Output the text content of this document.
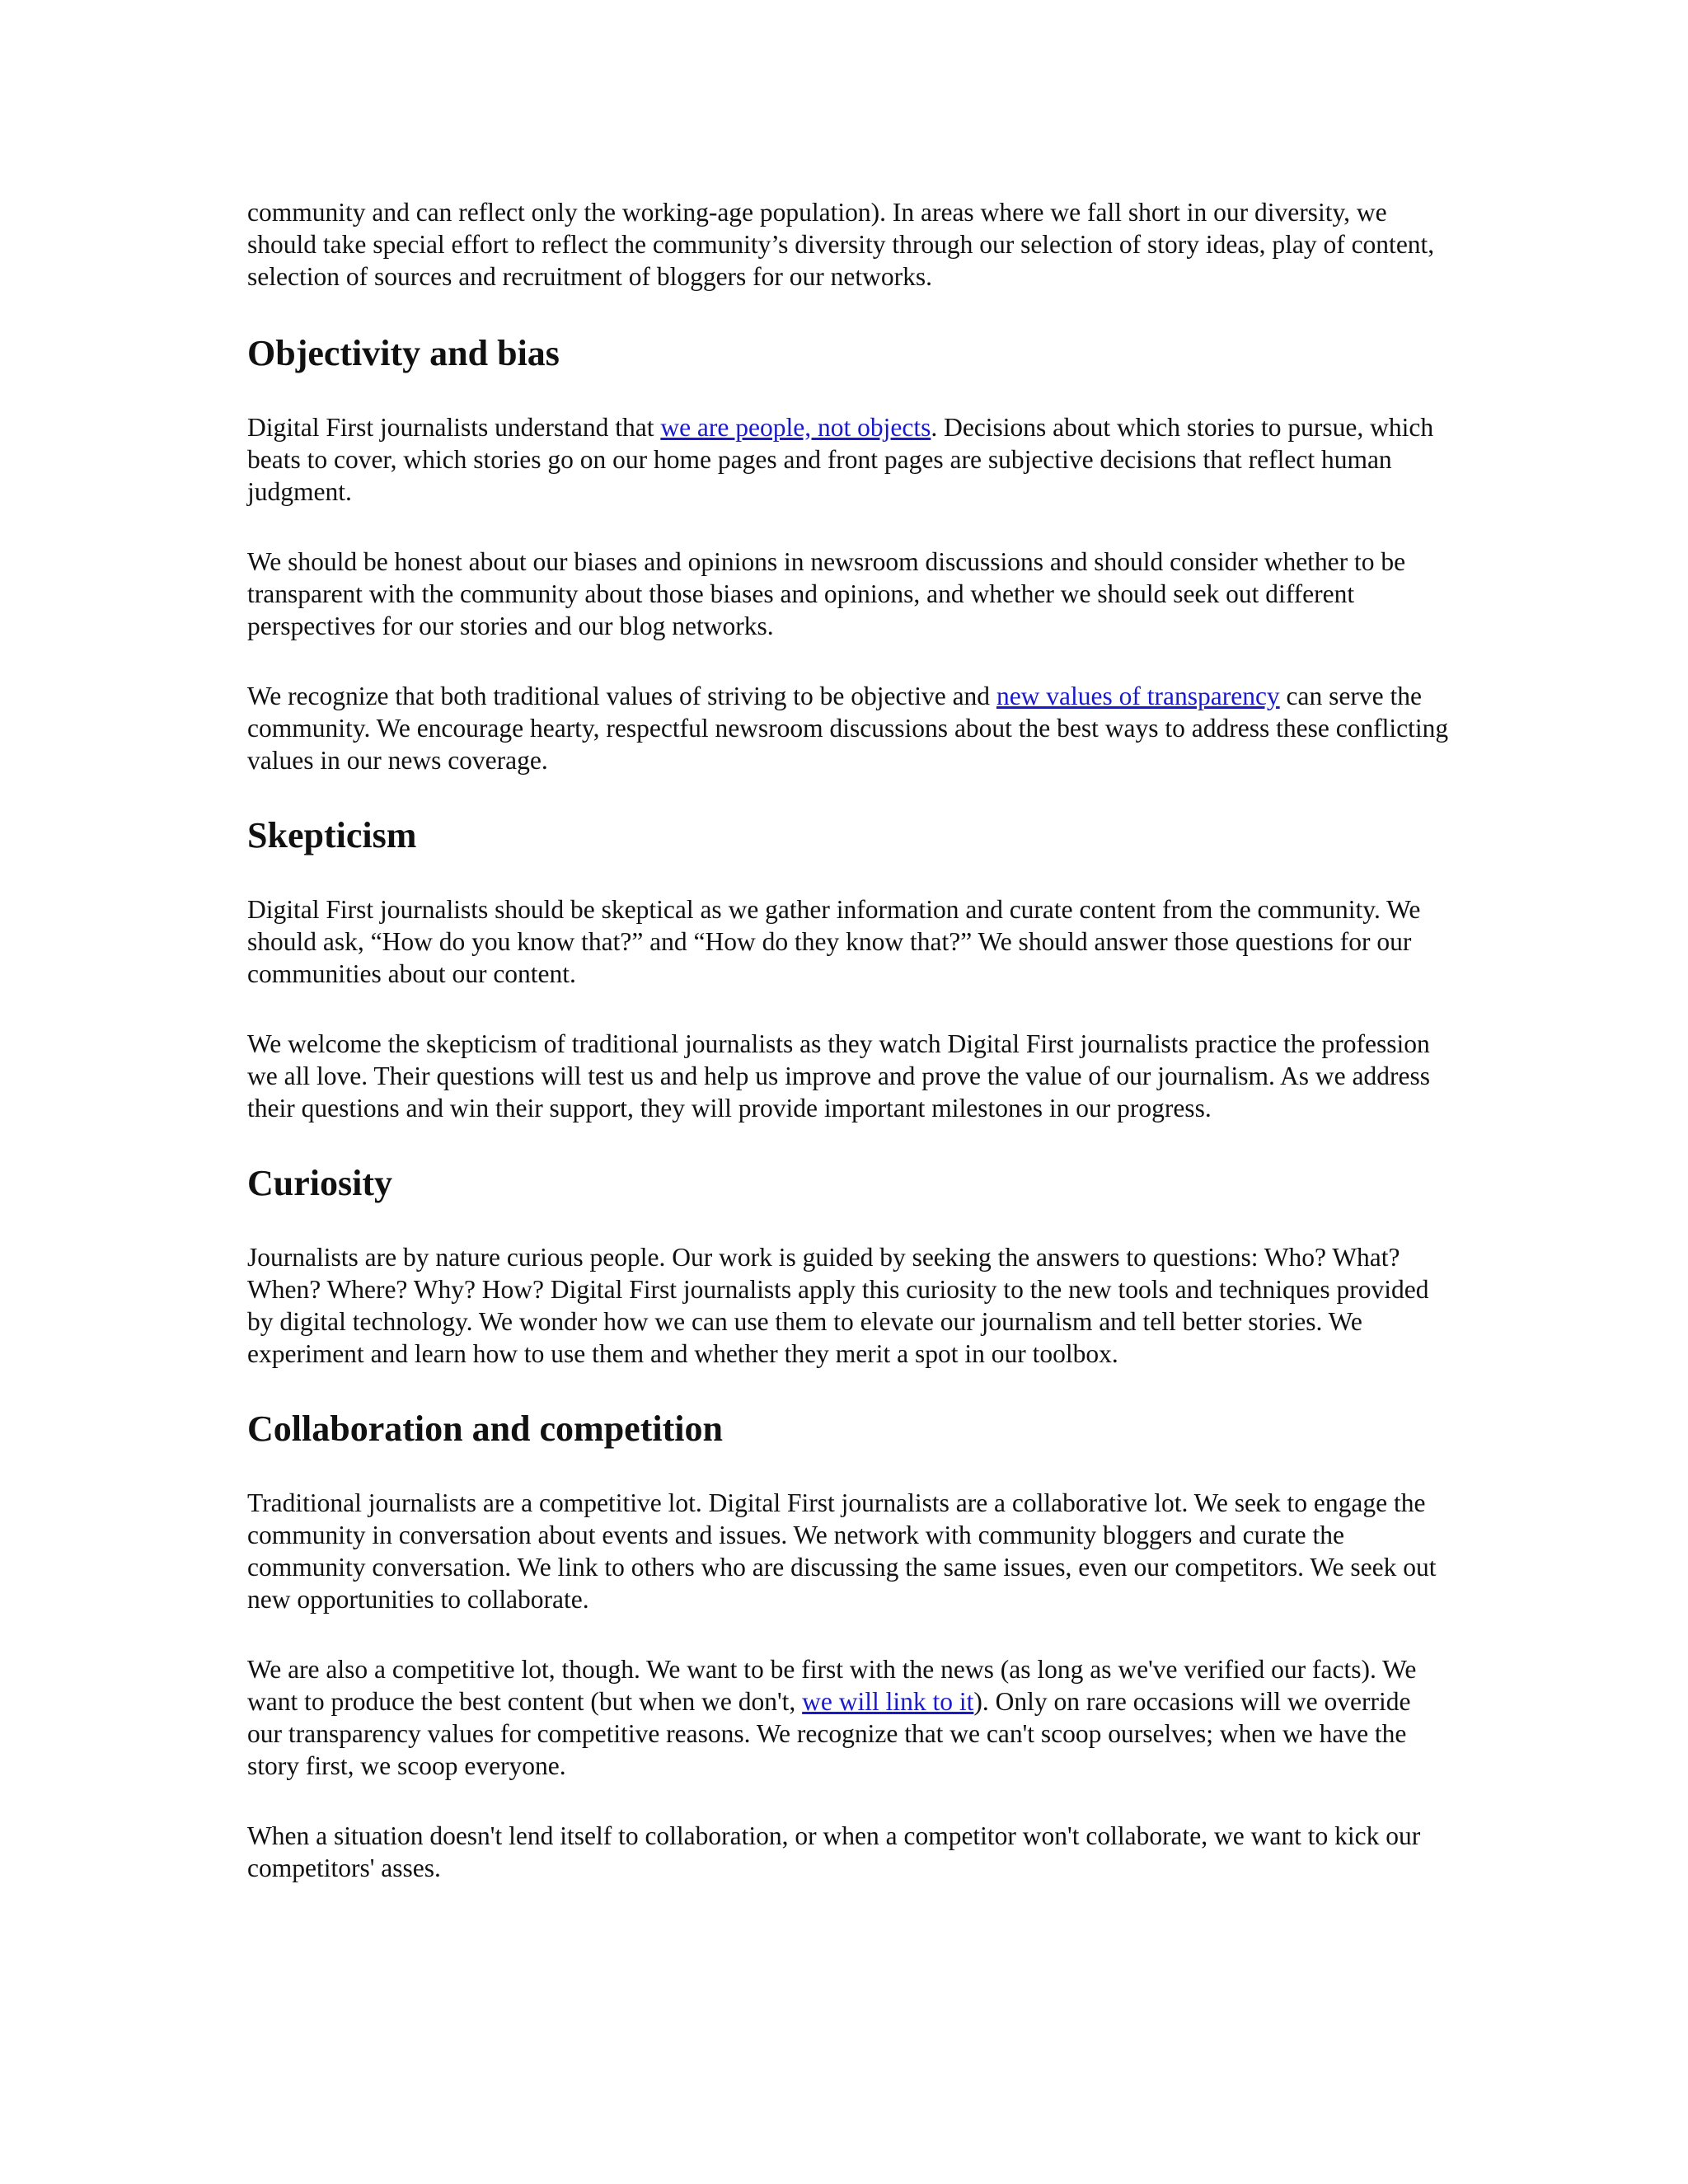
community and can reflect only the working-age population). In areas where we fall short in our diversity, we should take special effort to reflect the community’s diversity through our selection of story ideas, play of content, selection of sources and recruitment of bloggers for our networks.

Objectivity and bias

Digital First journalists understand that we are people, not objects. Decisions about which stories to pursue, which beats to cover, which stories go on our home pages and front pages are subjective decisions that reflect human judgment.

We should be honest about our biases and opinions in newsroom discussions and should consider whether to be transparent with the community about those biases and opinions, and whether we should seek out different perspectives for our stories and our blog networks.

We recognize that both traditional values of striving to be objective and new values of transparency can serve the community. We encourage hearty, respectful newsroom discussions about the best ways to address these conflicting values in our news coverage.

Skepticism

Digital First journalists should be skeptical as we gather information and curate content from the community. We should ask, “How do you know that?” and “How do they know that?” We should answer those questions for our communities about our content.

We welcome the skepticism of traditional journalists as they watch Digital First journalists practice the profession we all love. Their questions will test us and help us improve and prove the value of our journalism. As we address their questions and win their support, they will provide important milestones in our progress.

Curiosity

Journalists are by nature curious people. Our work is guided by seeking the answers to questions: Who? What? When? Where? Why? How? Digital First journalists apply this curiosity to the new tools and techniques provided by digital technology. We wonder how we can use them to elevate our journalism and tell better stories. We experiment and learn how to use them and whether they merit a spot in our toolbox.

Collaboration and competition

Traditional journalists are a competitive lot. Digital First journalists are a collaborative lot. We seek to engage the community in conversation about events and issues. We network with community bloggers and curate the community conversation. We link to others who are discussing the same issues, even our competitors. We seek out new opportunities to collaborate.

We are also a competitive lot, though. We want to be first with the news (as long as we've verified our facts). We want to produce the best content (but when we don't, we will link to it). Only on rare occasions will we override our transparency values for competitive reasons. We recognize that we can't scoop ourselves; when we have the story first, we scoop everyone.

When a situation doesn't lend itself to collaboration, or when a competitor won't collaborate, we want to kick our competitors' asses.
